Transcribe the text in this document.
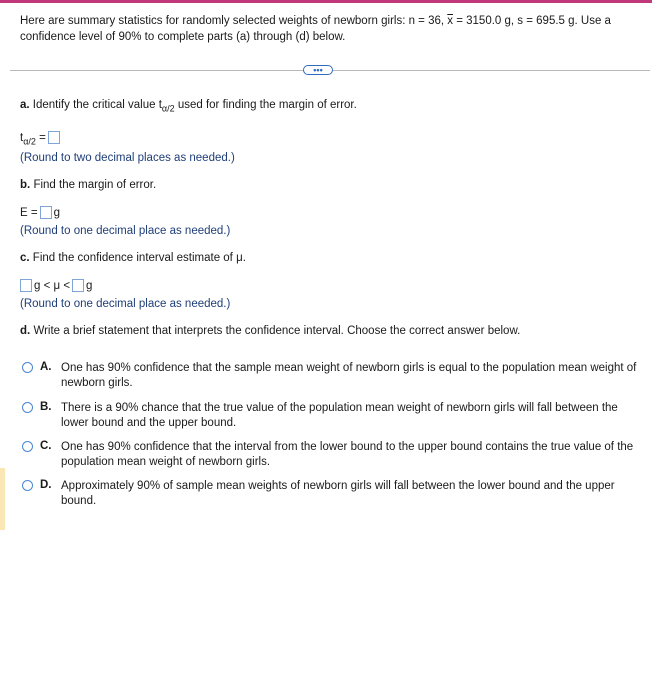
Here are summary statistics for randomly selected weights of newborn girls: n = 36, $\overline{x} = 3150.0$ g, s = 695.5 g. Use a confidence level of 90% to complete parts (a) through (d) below.
•••
a. Identify the critical value $t_{\alpha/2}$ used for finding the margin of error.
$t_{\alpha/2}$ =
(Round to two decimal places as needed.)
b. Find the margin of error.
E = g
(Round to one decimal place as needed.)
c. Find the confidence interval estimate of μ.
g < μ < g
(Round to one decimal place as needed.)
d. Write a brief statement that interprets the confidence interval. Choose the correct answer below.
A. One has 90% confidence that the sample mean weight of newborn girls is equal to the population mean weight of newborn girls.
B. There is a 90% chance that the true value of the population mean weight of newborn girls will fall between the lower bound and the upper bound.
C. One has 90% confidence that the interval from the lower bound to the upper bound contains the true value of the population mean weight of newborn girls.
D. Approximately 90% of sample mean weights of newborn girls will fall between the lower bound and the upper bound.
